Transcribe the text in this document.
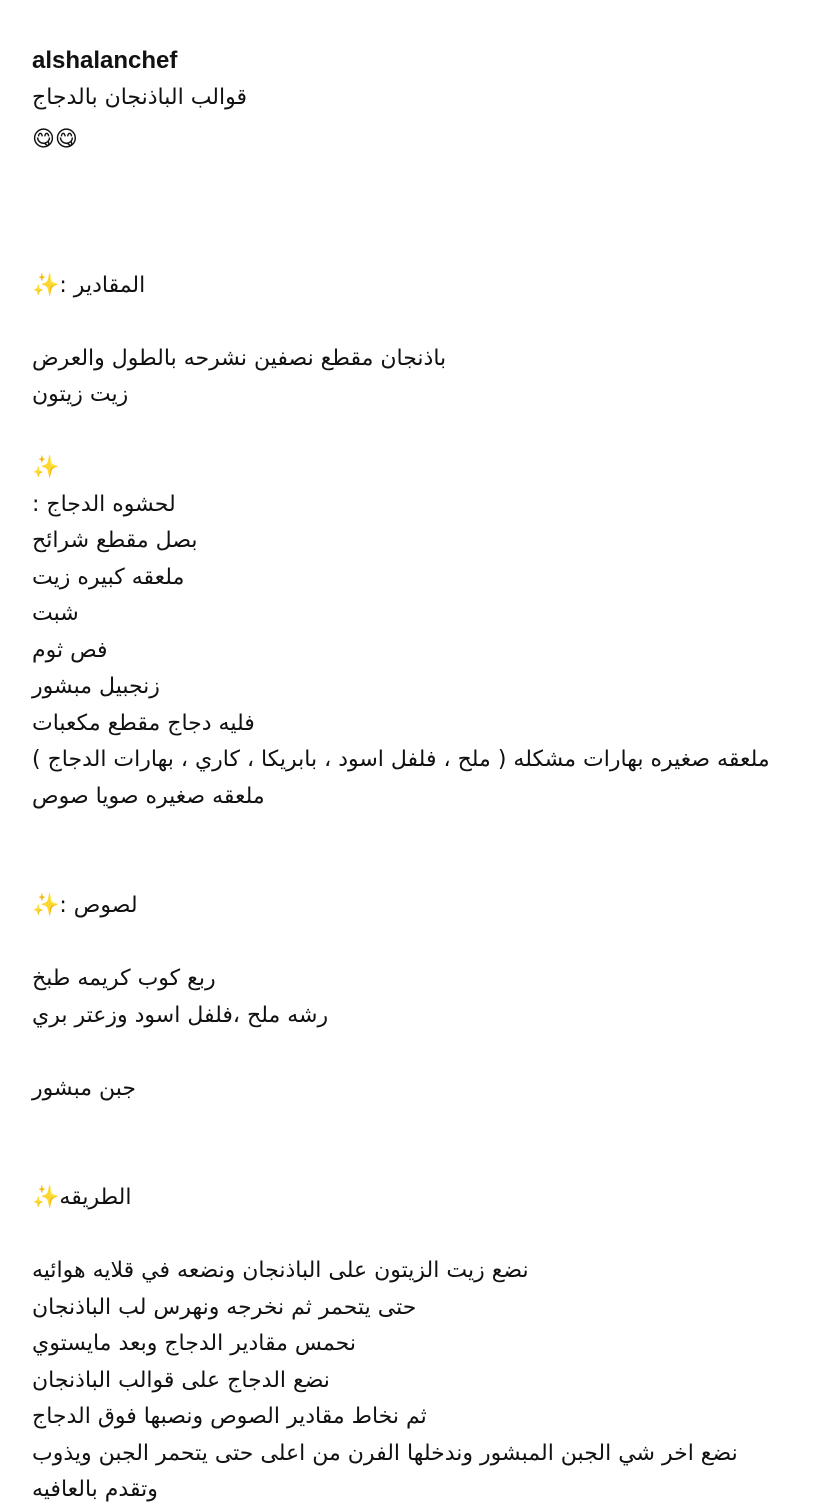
alshalanchef
قوالب الباذنجان بالدجاج
😋😋

المقادير :✨

باذنجان مقطع نصفين نشرحه بالطول والعرض
زيت زيتون
✨
لحشوه الدجاج :
بصل مقطع شرائح
ملعقه كبيره زيت
شبت
فص ثوم
زنجبيل مبشور
فليه دجاج مقطع مكعبات
ملعقه صغيره بهارات مشكله ( ملح ، فلفل اسود ، بابريكا ، كاري ، بهارات الدجاج )
ملعقه صغيره صويا صوص

لصوص :✨

ربع كوب كريمه طبخ
رشه ملح ،فلفل اسود وزعتر بري
جبن مبشور

الطريقه✨

نضع زيت الزيتون على الباذنجان ونضعه في قلايه هوائيه
حتى يتحمر ثم نخرجه ونهرس لب الباذنجان
نحمس مقادير الدجاج وبعد مايستوي
نضع الدجاج على قوالب الباذنجان
ثم نخاط مقادير الصوص ونصبها فوق الدجاج
نضع اخر شي الجبن المبشور وندخلها الفرن من اعلى حتى يتحمر الجبن ويذوب
وتقدم بالعافيه
